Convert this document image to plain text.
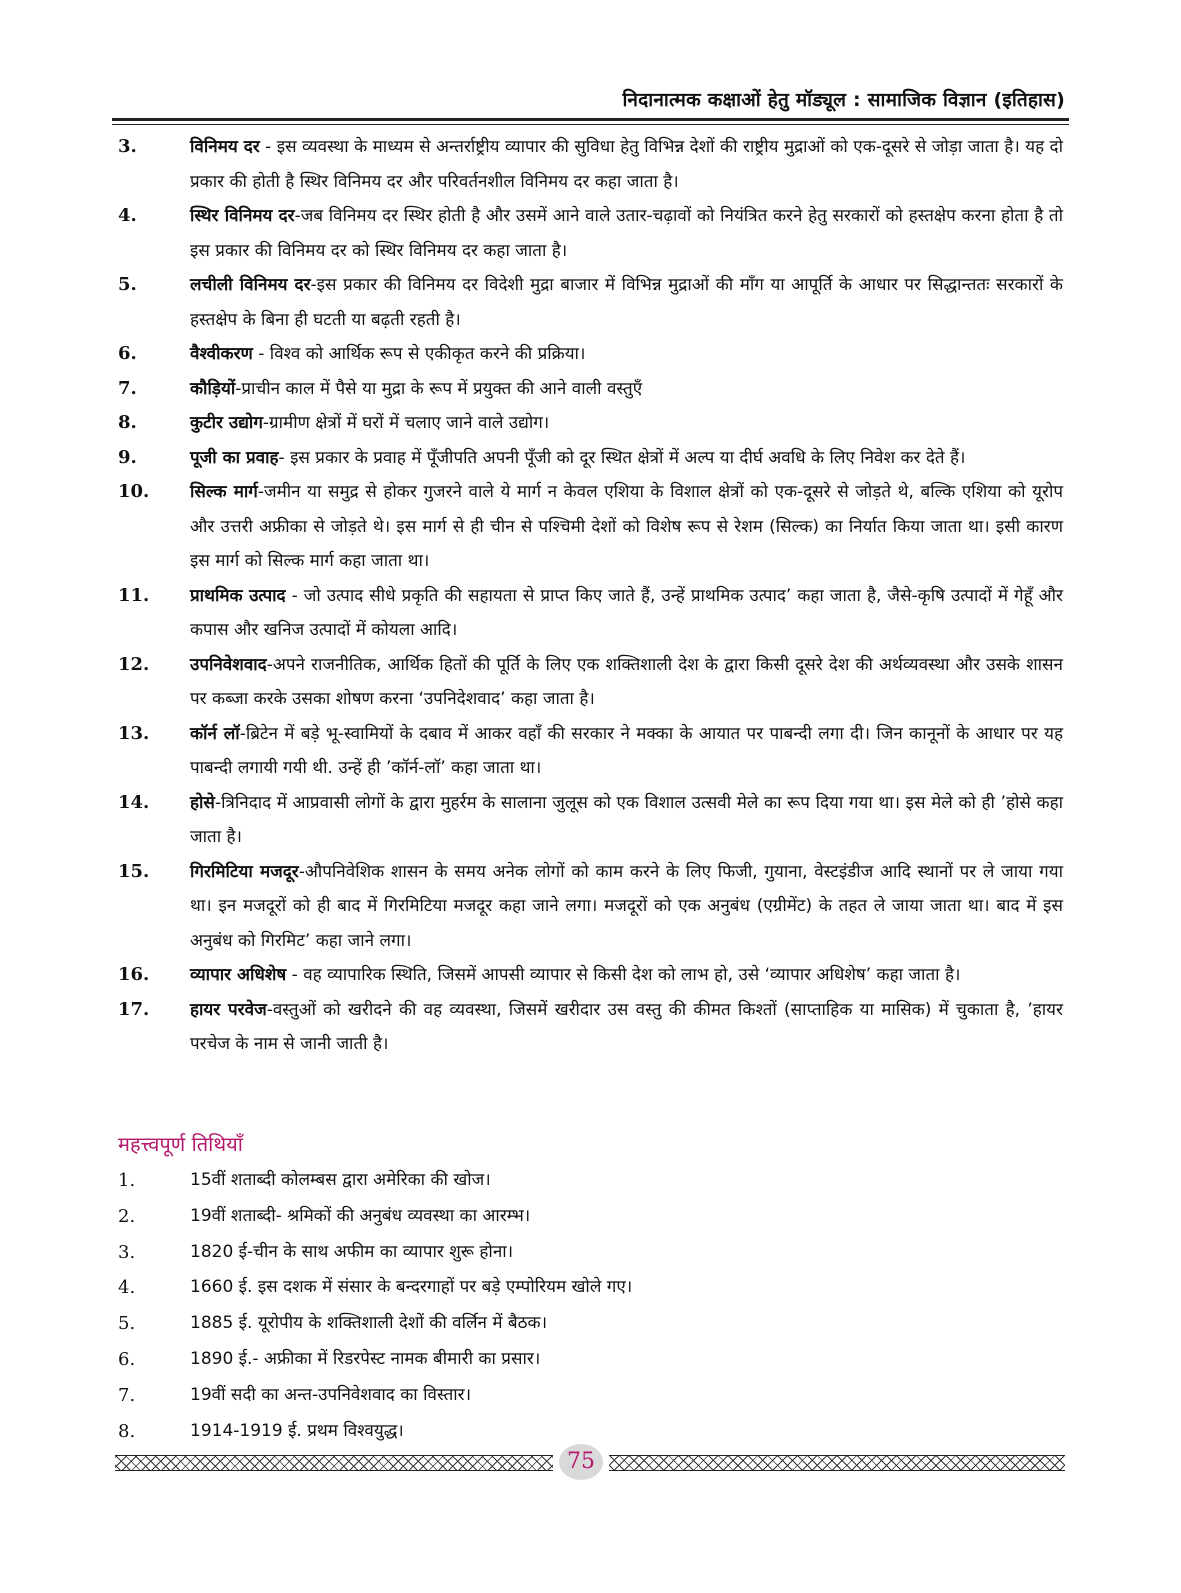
निदानात्मक कक्षाओं हेतु मॉड्यूल : सामाजिक विज्ञान (इतिहास)
3.	विनिमय दर - इस व्यवस्था के माध्यम से अन्तर्राष्ट्रीय व्यापार की सुविधा हेतु विभिन्न देशों की राष्ट्रीय मुद्राओं को एक-दूसरे से जोड़ा जाता है। यह दो प्रकार की होती है स्थिर विनिमय दर और परिवर्तनशील विनिमय दर कहा जाता है।
4.	स्थिर विनिमय दर-जब विनिमय दर स्थिर होती है और उसमें आने वाले उतार-चढ़ावों को नियंत्रित करने हेतु सरकारों को हस्तक्षेप करना होता है तो इस प्रकार की विनिमय दर को स्थिर विनिमय दर कहा जाता है।
5.	लचीली विनिमय दर-इस प्रकार की विनिमय दर विदेशी मुद्रा बाजार में विभिन्न मुद्राओं की माँग या आपूर्ति के आधार पर सिद्धान्ततः सरकारों के हस्तक्षेप के बिना ही घटती या बढ़ती रहती है।
6.	वैश्वीकरण - विश्व को आर्थिक रूप से एकीकृत करने की प्रक्रिया।
7.	कौड़ियों-प्राचीन काल में पैसे या मुद्रा के रूप में प्रयुक्त की आने वाली वस्तुएँ
8.	कुटीर उद्योग-ग्रामीण क्षेत्रों में घरों में चलाए जाने वाले उद्योग।
9.	पूजी का प्रवाह- इस प्रकार के प्रवाह में पूँजीपति अपनी पूँजी को दूर स्थित क्षेत्रों में अल्प या दीर्घ अवधि के लिए निवेश कर देते हैं।
10.	सिल्क मार्ग-जमीन या समुद्र से होकर गुजरने वाले ये मार्ग न केवल एशिया के विशाल क्षेत्रों को एक-दूसरे से जोड़ते थे, बल्कि एशिया को यूरोप और उत्तरी अफ्रीका से जोड़ते थे। इस मार्ग से ही चीन से पश्चिमी देशों को विशेष रूप से रेशम (सिल्क) का निर्यात किया जाता था। इसी कारण इस मार्ग को सिल्क मार्ग कहा जाता था।
11.	प्राथमिक उत्पाद - जो उत्पाद सीधे प्रकृति की सहायता से प्राप्त किए जाते हैं, उन्हें प्राथमिक उत्पाद’ कहा जाता है, जैसे-कृषि उत्पादों में गेहूँ और कपास और खनिज उत्पादों में कोयला आदि।
12.	उपनिवेशवाद-अपने राजनीतिक, आर्थिक हितों की पूर्ति के लिए एक शक्तिशाली देश के द्वारा किसी दूसरे देश की अर्थव्यवस्था और उसके शासन पर कब्जा करके उसका शोषण करना ‘उपनिदेशवाद’ कहा जाता है।
13.	कॉर्न लॉ-ब्रिटेन में बड़े भू-स्वामियों के दबाव में आकर वहाँ की सरकार ने मक्का के आयात पर पाबन्दी लगा दी। जिन कानूनों के आधार पर यह पाबन्दी लगायी गयी थी. उन्हें ही ’कॉर्न-लॉ’ कहा जाता था।
14.	होसे-त्रिनिदाद में आप्रवासी लोगों के द्वारा मुहर्रम के सालाना जुलूस को एक विशाल उत्सवी मेले का रूप दिया गया था। इस मेले को ही ’होसे कहा जाता है।
15.	गिरमिटिया मजदूर-औपनिवेशिक शासन के समय अनेक लोगों को काम करने के लिए फिजी, गुयाना, वेस्टइंडीज आदि स्थानों पर ले जाया गया था। इन मजदूरों को ही बाद में गिरमिटिया मजदूर कहा जाने लगा। मजदूरों को एक अनुबंध (एग्रीमेंट) के तहत ले जाया जाता था। बाद में इस अनुबंध को गिरमिट’ कहा जाने लगा।
16.	व्यापार अधिशेष - वह व्यापारिक स्थिति, जिसमें आपसी व्यापार से किसी देश को लाभ हो, उसे ‘व्यापार अधिशेष’ कहा जाता है।
17.	हायर परवेज-वस्तुओं को खरीदने की वह व्यवस्था, जिसमें खरीदार उस वस्तु की कीमत किश्तों (साप्ताहिक या मासिक) में चुकाता है, ’हायर परचेज के नाम से जानी जाती है।
महत्त्वपूर्ण तिथियाँ
1.	15वीं शताब्दी कोलम्बस द्वारा अमेरिका की खोज।
2.	19वीं शताब्दी- श्रमिकों की अनुबंध व्यवस्था का आरम्भ।
3.	1820 ई-चीन के साथ अफीम का व्यापार शुरू होना।
4.	1660 ई. इस दशक में संसार के बन्दरगाहों पर बड़े एम्पोरियम खोले गए।
5.	1885 ई. यूरोपीय के शक्तिशाली देशों की वर्लिन में बैठक।
6.	1890 ई.- अफ्रीका में रिडरपेस्ट नामक बीमारी का प्रसार।
7.	19वीं सदी का अन्त-उपनिवेशवाद का विस्तार।
8.	1914-1919 ई. प्रथम विश्वयुद्ध।
75
